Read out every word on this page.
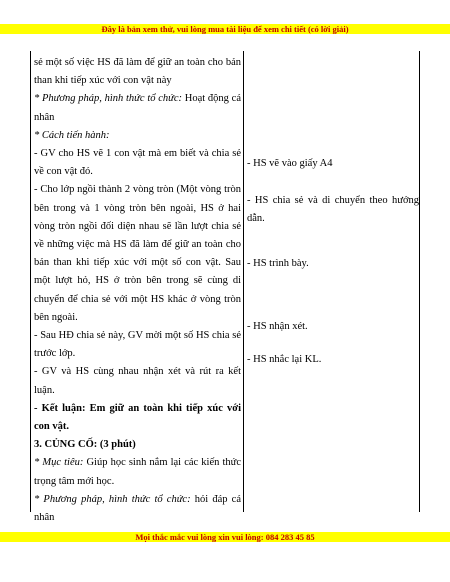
Đây là bản xem thử, vui lòng mua tài liệu để xem chi tiết (có lời giải)

sẻ một số việc HS đã làm để giữ an toàn cho bản than khi tiếp xúc với con vật này

* Phương pháp, hình thức tổ chức: Hoạt động cá nhân

* Cách tiến hành:

- GV cho HS vẽ 1 con vật mà em biết và chia sẻ về con vật đó.

- Cho lớp ngồi thành 2 vòng tròn (Một vòng tròn bên trong và 1 vòng tròn bên ngoài, HS ở hai vòng tròn ngồi đối diện nhau sẽ lần lượt chia sẻ về những việc mà HS đã làm để giữ an toàn cho bản than khi tiếp xúc với một số con vật. Sau một lượt hỏ, HS ở tròn bên trong sẽ cùng di chuyển để chia sẻ với một HS khác ở vòng tròn bên ngoài.

- Sau HĐ chia sẻ này, GV mời một số HS chia sẻ trước lớp.

- GV và HS cùng nhau nhận xét và rút ra kết luận.

- Kết luận: Em giữ an toàn khi tiếp xúc với con vật.

3. CỦNG CỐ: (3 phút)

* Mục tiêu: Giúp học sinh nắm lại các kiến thức trọng tâm mới học.

* Phương pháp, hình thức tổ chức: hỏi đáp cá nhân

- HS vẽ vào giấy A4

- HS chia sẻ và di chuyển theo hướng dẫn.

- HS trình bày.

- HS nhận xét.

- HS nhắc lại KL.

Mọi thắc mắc vui lòng xin vui lòng: 084 283 45 85
